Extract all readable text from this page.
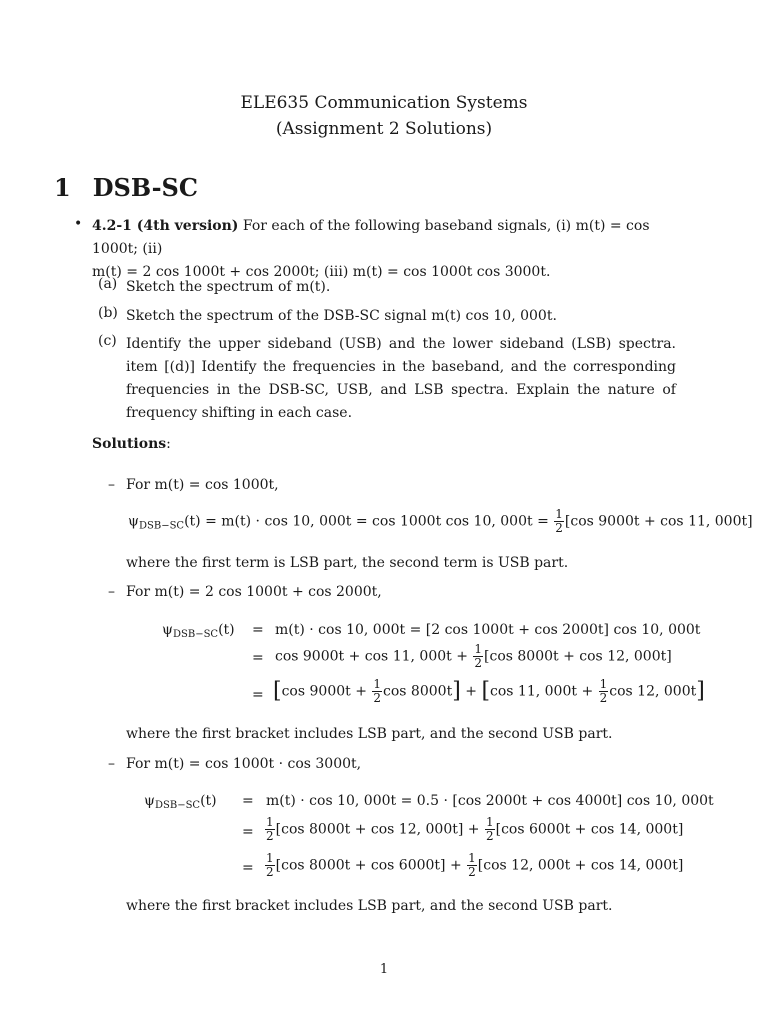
ELE635 Communication Systems
(Assignment 2 Solutions)
1 DSB-SC
• 4.2-1 (4th version) For each of the following baseband signals, (i) m(t) = cos 1000t; (ii)
m(t) = 2 cos 1000t + cos 2000t; (iii) m(t) = cos 1000t cos 3000t.
(a) Sketch the spectrum of m(t).
(b) Sketch the spectrum of the DSB-SC signal m(t) cos 10, 000t.
(c) Identify the upper sideband (USB) and the lower sideband (LSB) spectra. item [(d)] Identify the frequencies in the baseband, and the corresponding frequencies in the DSB-SC, USB, and LSB spectra. Explain the nature of frequency shifting in each case.
Solutions:
– For m(t) = cos 1000t,
$\psi_{DSB-SC}(t) = m(t) \cdot \cos 10$, 000t = cos 1000t cos 10, $000t = \frac{1}{2} [\cos$ 9000t + cos 11, 000t]
where the first term is LSB part, the second term is USB part.
– For m(t) = 2 cos 1000t + cos 2000t,
$\psi_{DSB-SC}(t) = m(t) \cdot \cos 10$, 000t = [2 cos 1000t + cos 2000t] cos 10, 000t
= cos 9000t + cos 11, $000t + \frac{1}{2} [\cos$ 8000t + cos 12, 000t]
= [cos $9000t + \frac{1}{2}$ cos 8000t] + [cos 11, $000t + \frac{1}{2}$ cos 12, 000t]
where the first bracket includes LSB part, and the second USB part.
– For m(t) = cos 1000t · cos 3000t,
$\psi_{DSB-SC}(t) = m(t) \cdot \cos 10$, 000t = 0.5 · [cos 2000t + cos 4000t] cos 10, 000t
= $\frac{1}{2} [\cos$ 8000t + cos 12, $000t] + \frac{1}{2} [\cos$ 6000t + cos 14, 000t]
= $\frac{1}{2} [\cos$ $8000t + \cos 6000t] + \frac{1}{2} [\cos$ 12, 000t + cos 14, 000t]
where the first bracket includes LSB part, and the second USB part.
1
